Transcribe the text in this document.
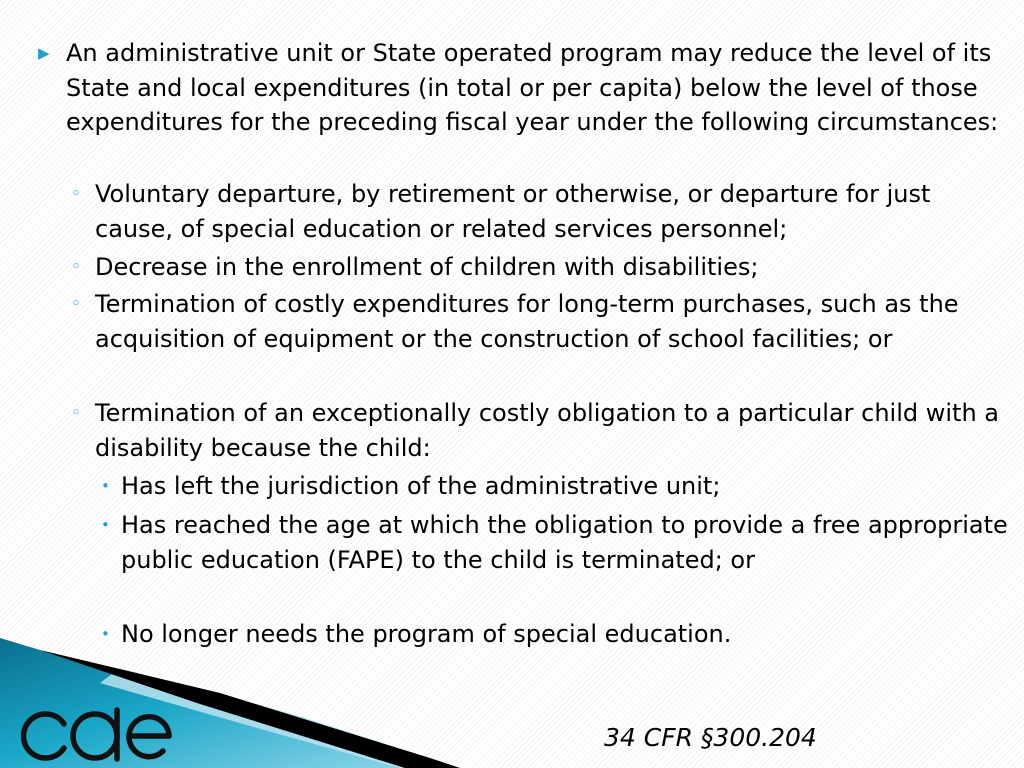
▶ An administrative unit or State operated program may reduce the level of its State and local expenditures (in total or per capita) below the level of those expenditures for the preceding fiscal year under the following circumstances:
◦ Voluntary departure, by retirement or otherwise, or departure for just cause, of special education or related services personnel;
◦ Decrease in the enrollment of children with disabilities;
◦ Termination of costly expenditures for long-term purchases, such as the acquisition of equipment or the construction of school facilities; or
◦ Termination of an exceptionally costly obligation to a particular child with a disability because the child:
• Has left the jurisdiction of the administrative unit;
• Has reached the age at which the obligation to provide a free appropriate public education (FAPE) to the child is terminated; or
• No longer needs the program of special education.
34 CFR §300.204
